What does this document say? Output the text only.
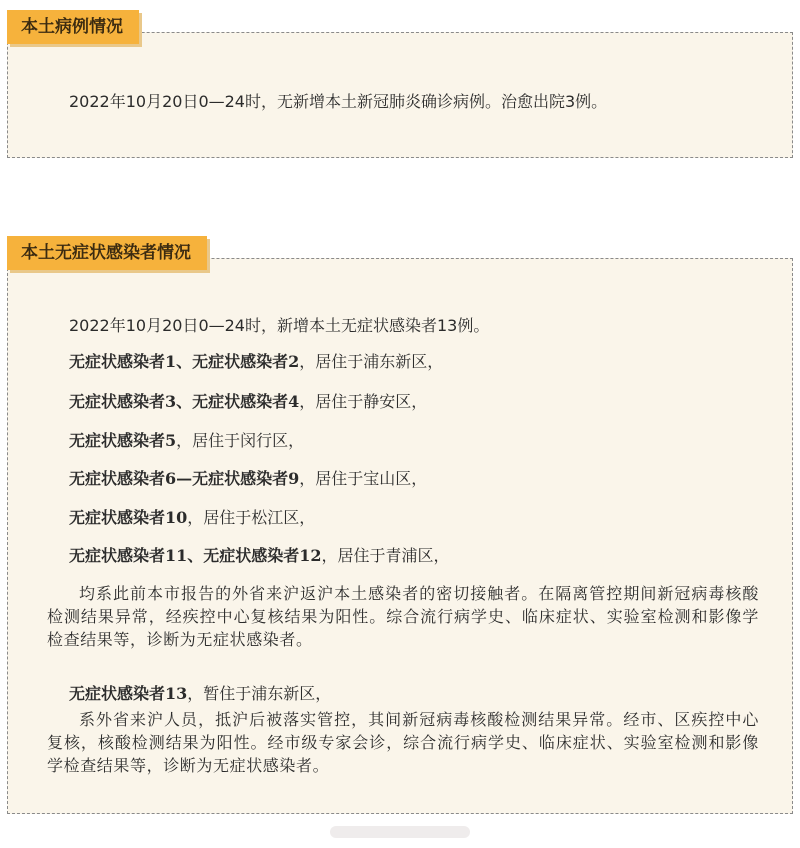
本土病例情况
2022年10月20日0—24时，无新增本土新冠肺炎确诊病例。治愈出院3例。
本土无症状感染者情况
2022年10月20日0—24时，新增本土无症状感染者13例。
无症状感染者1、无症状感染者2，居住于浦东新区，
无症状感染者3、无症状感染者4，居住于静安区，
无症状感染者5，居住于闵行区，
无症状感染者6—无症状感染者9，居住于宝山区，
无症状感染者10，居住于松江区，
无症状感染者11、无症状感染者12，居住于青浦区，
均系此前本市报告的外省来沪返沪本土感染者的密切接触者。在隔离管控期间新冠病毒核酸检测结果异常，经疾控中心复核结果为阳性。综合流行病学史、临床症状、实验室检测和影像学检查结果等，诊断为无症状感染者。
无症状感染者13，暂住于浦东新区，
系外省来沪人员，抵沪后被落实管控，其间新冠病毒核酸检测结果异常。经市、区疾控中心复核，核酸检测结果为阳性。经市级专家会诊，综合流行病学史、临床症状、实验室检测和影像学检查结果等，诊断为无症状感染者。
